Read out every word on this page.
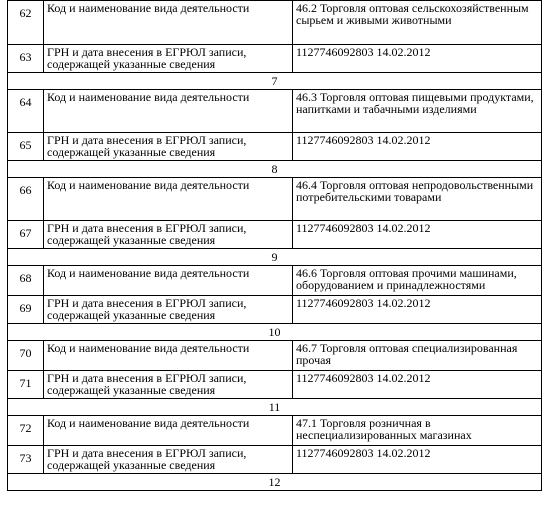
62	Код и наименование вида деятельности	46.2 Торговля оптовая сельскохозяйственным сырьем и живыми животными
63	ГРН и дата внесения в ЕГРЮЛ записи, содержащей указанные сведения	1127746092803 14.02.2012
7		
64	Код и наименование вида деятельности	46.3 Торговля оптовая пищевыми продуктами, напитками и табачными изделиями
65	ГРН и дата внесения в ЕГРЮЛ записи, содержащей указанные сведения	1127746092803 14.02.2012
8		
66	Код и наименование вида деятельности	46.4 Торговля оптовая непродовольственными потребительскими товарами
67	ГРН и дата внесения в ЕГРЮЛ записи, содержащей указанные сведения	1127746092803 14.02.2012
9		
68	Код и наименование вида деятельности	46.6 Торговля оптовая прочими машинами, оборудованием и принадлежностями
69	ГРН и дата внесения в ЕГРЮЛ записи, содержащей указанные сведения	1127746092803 14.02.2012
10		
70	Код и наименование вида деятельности	46.7 Торговля оптовая специализированная прочая
71	ГРН и дата внесения в ЕГРЮЛ записи, содержащей указанные сведения	1127746092803 14.02.2012
11		
72	Код и наименование вида деятельности	47.1 Торговля розничная в неспециализированных магазинах
73	ГРН и дата внесения в ЕГРЮЛ записи, содержащей указанные сведения	1127746092803 14.02.2012
12		
